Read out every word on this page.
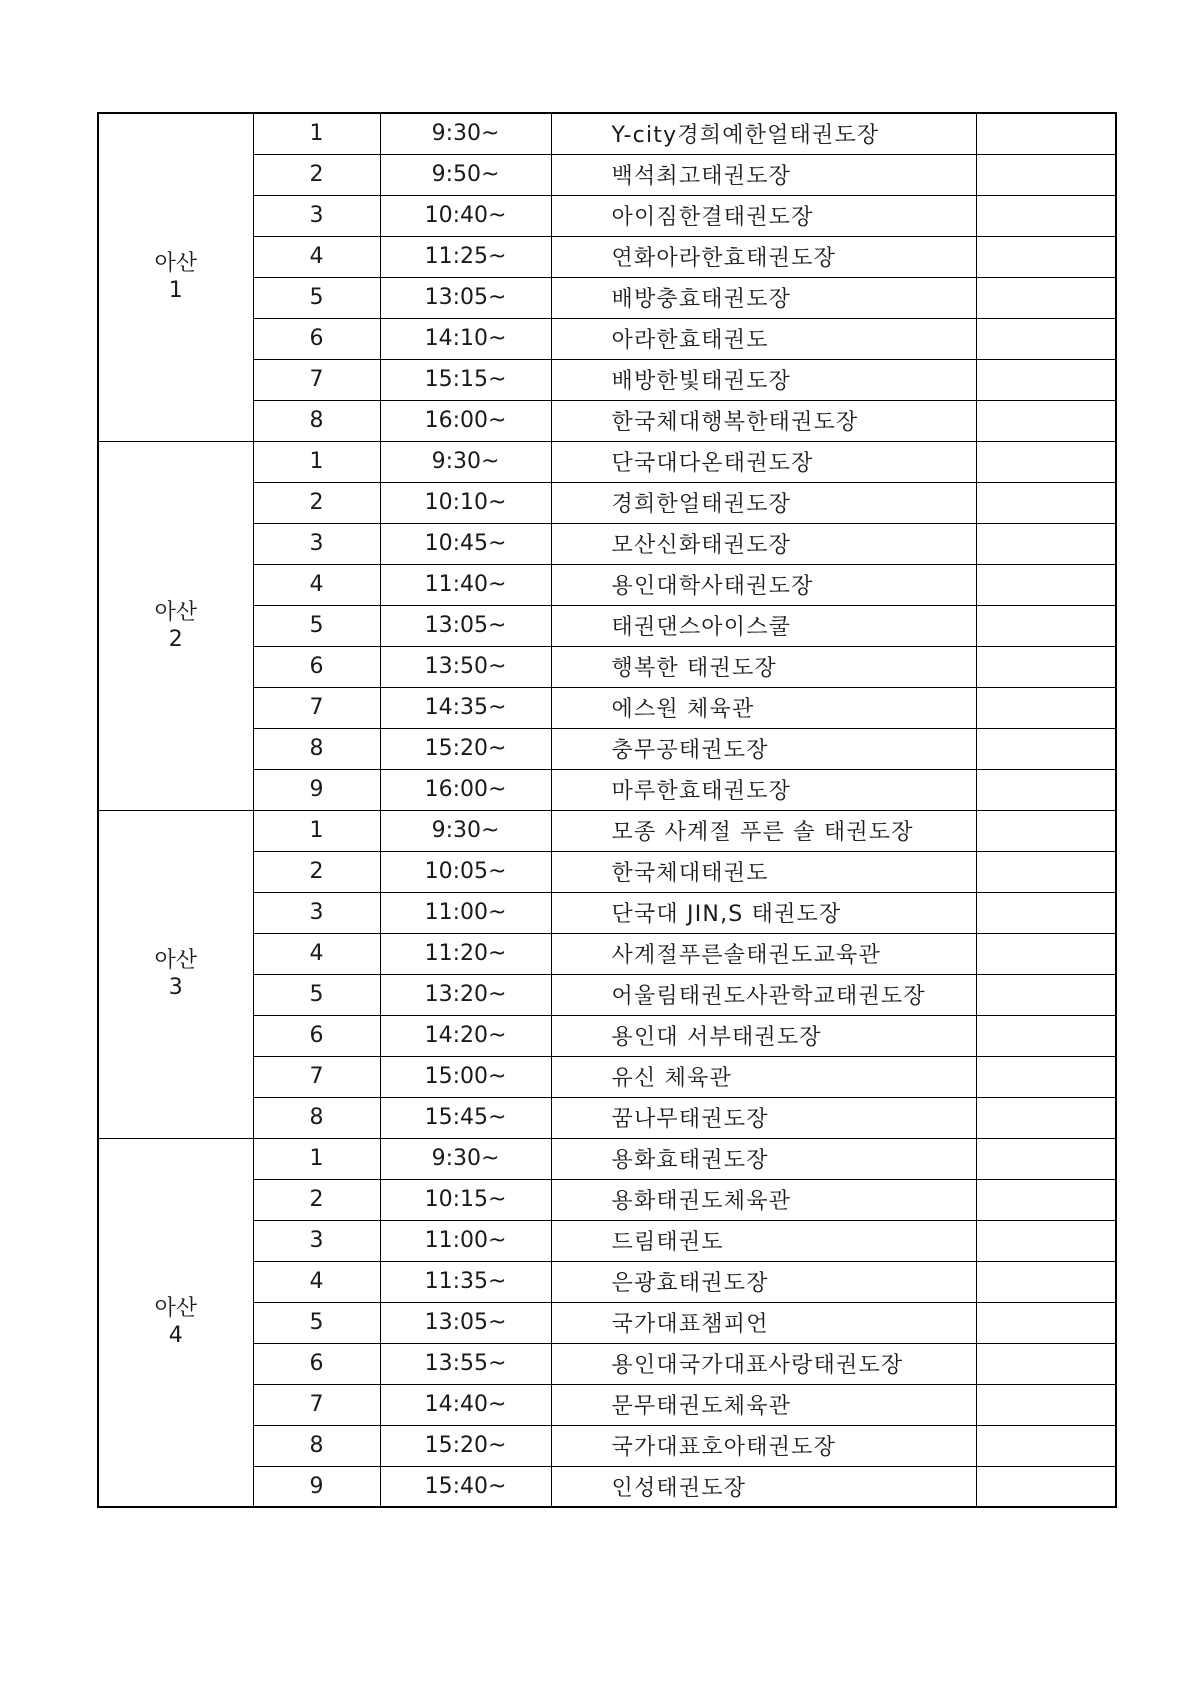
아산
1	1	9:30~	Y-city경희예한얼태권도장	
	2	9:50~	백석최고태권도장	
	3	10:40~	아이짐한결태권도장	
	4	11:25~	연화아라한효태권도장	
	5	13:05~	배방충효태권도장	
	6	14:10~	아라한효태권도	
	7	15:15~	배방한빛태권도장	
	8	16:00~	한국체대행복한태권도장	

아산
2	1	9:30~	단국대다온태권도장	
	2	10:10~	경희한얼태권도장	
	3	10:45~	모산신화태권도장	
	4	11:40~	용인대학사태권도장	
	5	13:05~	태권댄스아이스쿨	
	6	13:50~	행복한 태권도장	
	7	14:35~	에스원 체육관	
	8	15:20~	충무공태권도장	
	9	16:00~	마루한효태권도장	

아산
3	1	9:30~	모종 사계절 푸른 솔 태권도장	
	2	10:05~	한국체대태권도	
	3	11:00~	단국대 JIN,S 태권도장	
	4	11:20~	사계절푸른솔태권도교육관	
	5	13:20~	어울림태권도사관학교태권도장	
	6	14:20~	용인대 서부태권도장	
	7	15:00~	유신 체육관	
	8	15:45~	꿈나무태권도장	

아산
4	1	9:30~	용화효태권도장	
	2	10:15~	용화태권도체육관	
	3	11:00~	드림태권도	
	4	11:35~	은광효태권도장	
	5	13:05~	국가대표챔피언	
	6	13:55~	용인대국가대표사랑태권도장	
	7	14:40~	문무태권도체육관	
	8	15:20~	국가대표호아태권도장	
	9	15:40~	인성태권도장	
